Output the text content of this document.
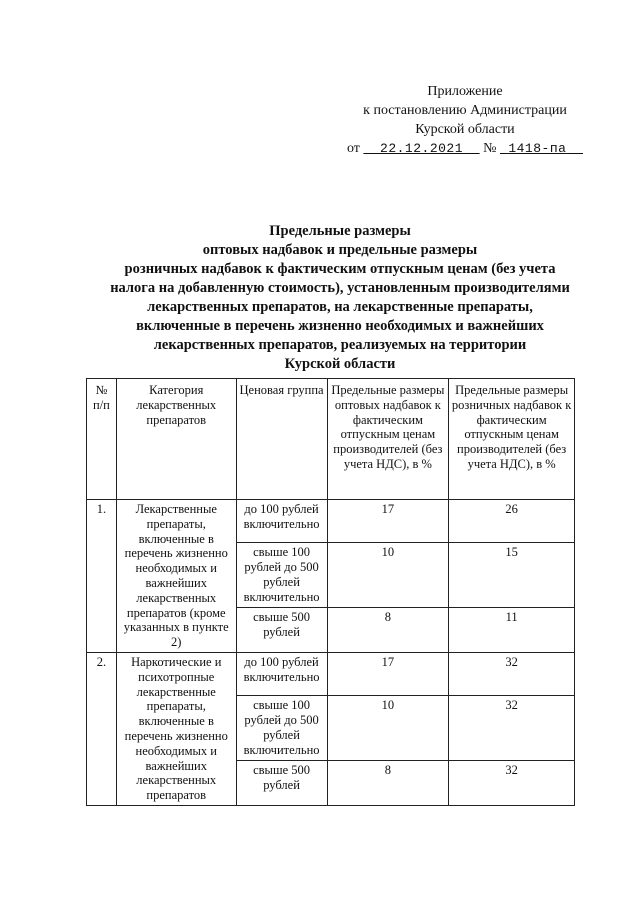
Приложение
к постановлению Администрации
Курской области
от 22.12.2021 № 1418-па
Предельные размеры
оптовых надбавок и предельные размеры
розничных надбавок к фактическим отпускным ценам (без учета
налога на добавленную стоимость), установленным производителями
лекарственных препаратов, на лекарственные препараты,
включенные в перечень жизненно необходимых и важнейших
лекарственных препаратов, реализуемых на территории
Курской области
№ п/п	Категория лекарственных препаратов	Ценовая группа	Предельные размеры оптовых надбавок к фактическим отпускным ценам производителей (без учета НДС), в %	Предельные размеры розничных надбавок к фактическим отпускным ценам производителей (без учета НДС), в %
1.	Лекарственные препараты, включенные в перечень жизненно необходимых и важнейших лекарственных препаратов (кроме указанных в пункте 2)	до 100 рублей включительно	17	26
		свыше 100 рублей до 500 рублей включительно	10	15
		свыше 500 рублей	8	11
2.	Наркотические и психотропные лекарственные препараты, включенные в перечень жизненно необходимых и важнейших лекарственных препаратов	до 100 рублей включительно	17	32
		свыше 100 рублей до 500 рублей включительно	10	32
		свыше 500 рублей	8	32
